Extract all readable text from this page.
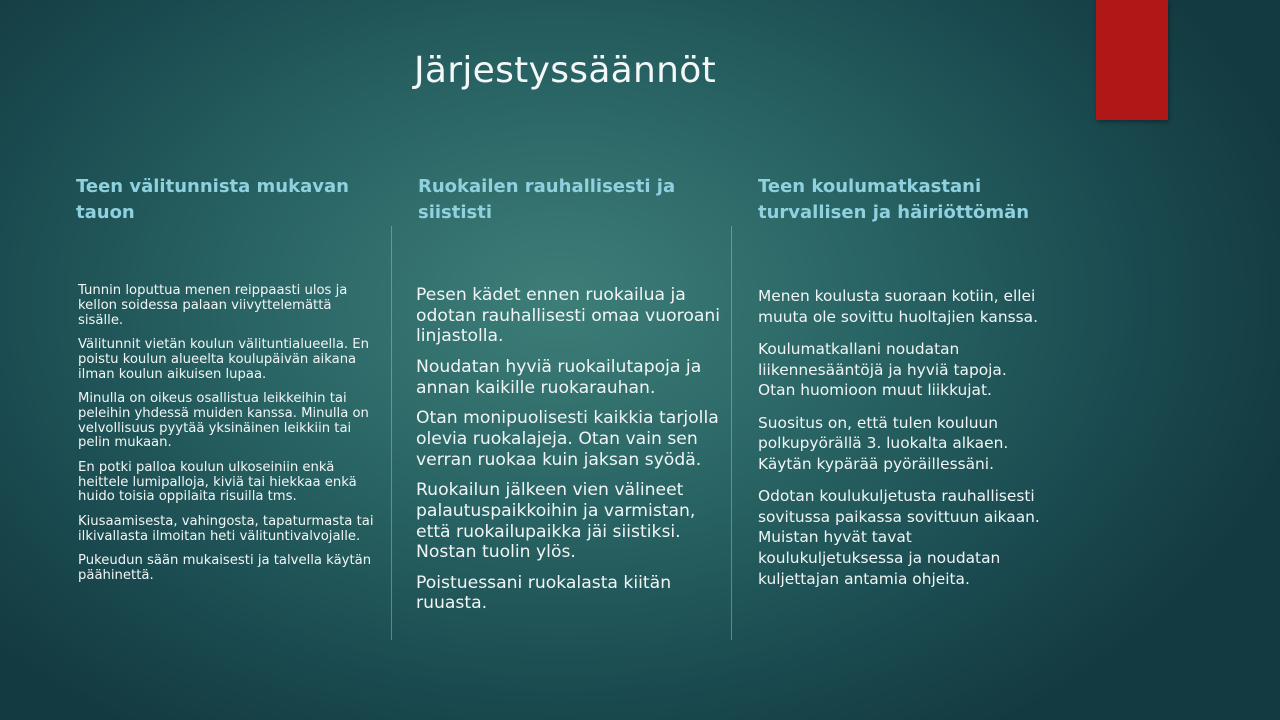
Järjestyssäännöt
Teen välitunnista mukavan tauon
Tunnin loputtua menen reippaasti ulos ja kellon soidessa palaan viivyttelemättä sisälle.
Välitunnit vietän koulun välituntialueella. En poistu koulun alueelta koulupäivän aikana ilman koulun aikuisen lupaa.
Minulla on oikeus osallistua leikkeihin tai peleihin yhdessä muiden kanssa. Minulla on velvollisuus pyytää yksinäinen leikkiin tai pelin mukaan.
En potki palloa koulun ulkoseiniin enkä heittele lumipalloja, kiviä tai hiekkaa enkä huido toisia oppilaita risuilla tms.
Kiusaamisesta, vahingosta, tapaturmasta tai ilkivallasta ilmoitan heti välituntivalvojalle.
Pukeudun sään mukaisesti ja talvella käytän päähinettä.
Ruokailen rauhallisesti ja siististi
Pesen kädet ennen ruokailua ja odotan rauhallisesti omaa vuoroani linjastolla.
Noudatan hyviä ruokailutapoja ja annan kaikille ruokarauhan.
Otan monipuolisesti kaikkia tarjolla olevia ruokalajeja. Otan vain sen verran ruokaa kuin jaksan syödä.
Ruokailun jälkeen vien välineet palautuspaikkoihin ja varmistan, että ruokailupaikka jäi siistiksi. Nostan tuolin ylös.
Poistuessani ruokalasta kiitän ruuasta.
Teen koulumatkastani turvallisen ja häiriöttömän
Menen koulusta suoraan kotiin, ellei muuta ole sovittu huoltajien kanssa.
Koulumatkallani noudatan liikennesääntöjä ja hyviä tapoja. Otan huomioon muut liikkujat.
Suositus on, että tulen kouluun polkupyörällä 3. luokalta alkaen. Käytän kypärää pyöräillessäni.
Odotan koulukuljetusta rauhallisesti sovitussa paikassa sovittuun aikaan. Muistan hyvät tavat koulukuljetuksessa ja noudatan kuljettajan antamia ohjeita.
